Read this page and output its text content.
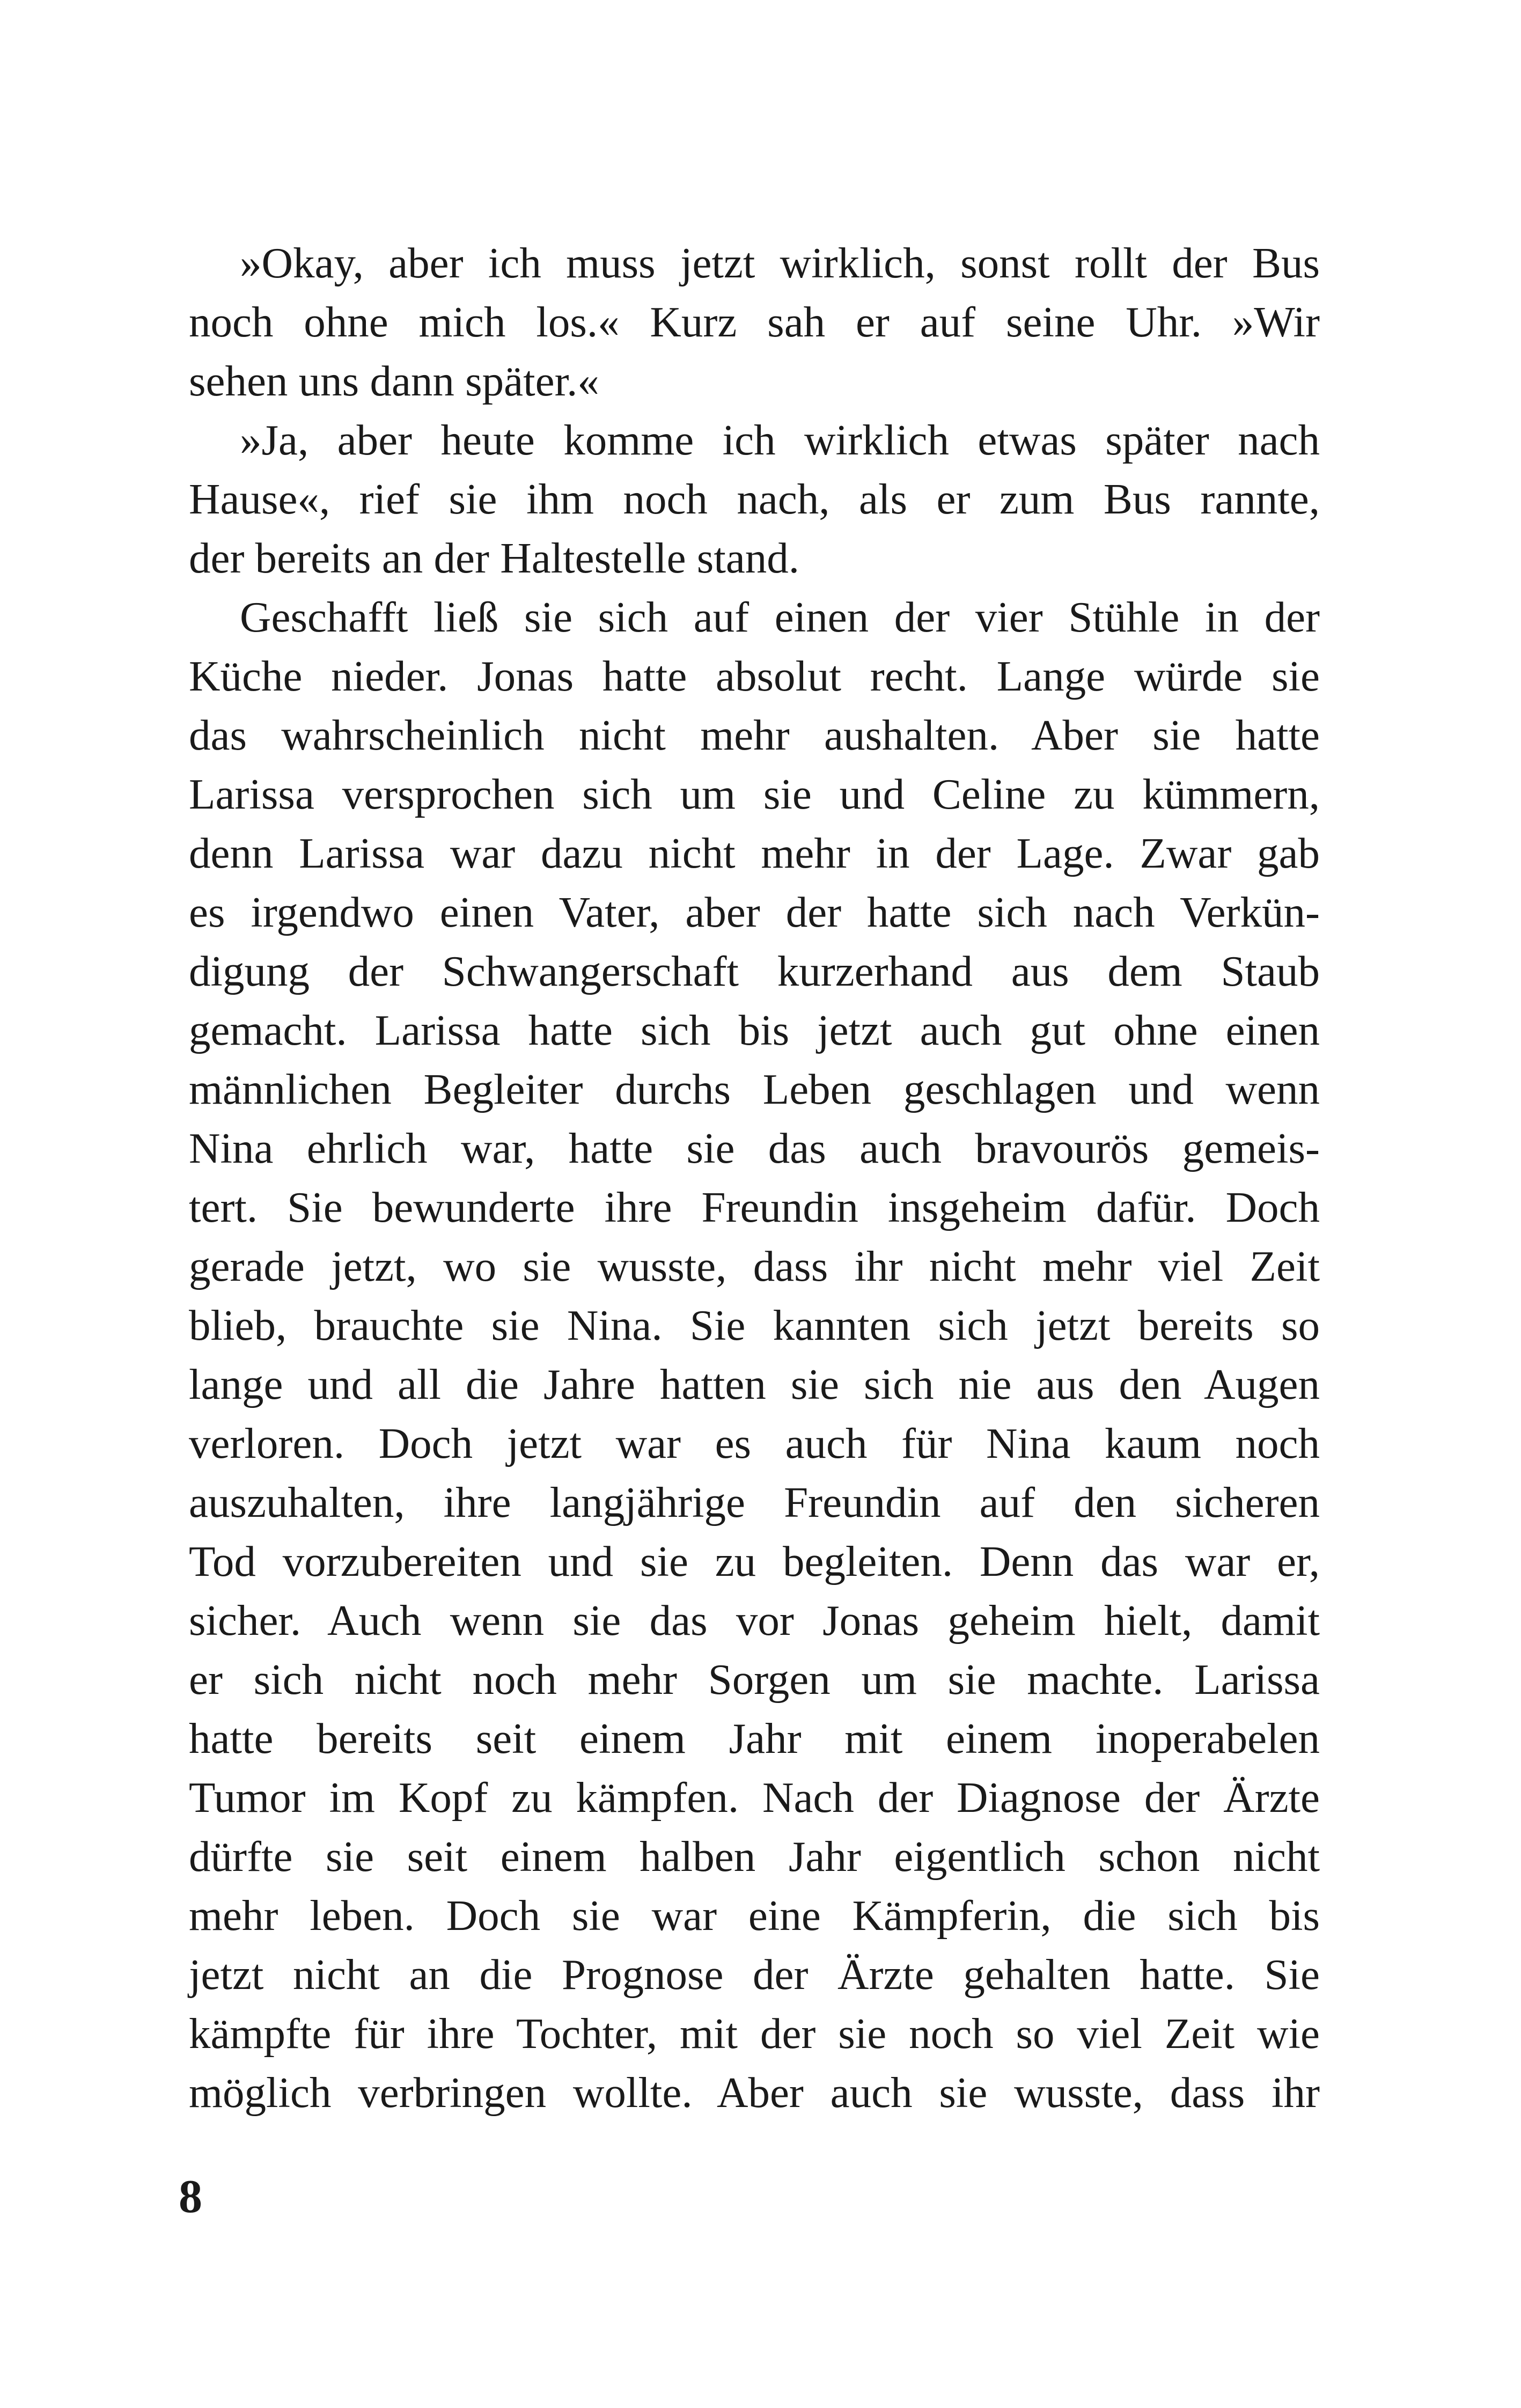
»Okay, aber ich muss jetzt wirklich, sonst rollt der Bus
noch ohne mich los.« Kurz sah er auf seine Uhr. »Wir
sehen uns dann später.«
»Ja, aber heute komme ich wirklich etwas später nach
Hause«, rief sie ihm noch nach, als er zum Bus rannte,
der bereits an der Haltestelle stand.
Geschafft ließ sie sich auf einen der vier Stühle in der
Küche nieder. Jonas hatte absolut recht. Lange würde sie
das wahrscheinlich nicht mehr aushalten. Aber sie hatte
Larissa versprochen sich um sie und Celine zu kümmern,
denn Larissa war dazu nicht mehr in der Lage. Zwar gab
es irgendwo einen Vater, aber der hatte sich nach Verkün-
digung der Schwangerschaft kurzerhand aus dem Staub
gemacht. Larissa hatte sich bis jetzt auch gut ohne einen
männlichen Begleiter durchs Leben geschlagen und wenn
Nina ehrlich war, hatte sie das auch bravourös gemeis-
tert. Sie bewunderte ihre Freundin insgeheim dafür. Doch
gerade jetzt, wo sie wusste, dass ihr nicht mehr viel Zeit
blieb, brauchte sie Nina. Sie kannten sich jetzt bereits so
lange und all die Jahre hatten sie sich nie aus den Augen
verloren. Doch jetzt war es auch für Nina kaum noch
auszuhalten, ihre langjährige Freundin auf den sicheren
Tod vorzubereiten und sie zu begleiten. Denn das war er,
sicher. Auch wenn sie das vor Jonas geheim hielt, damit
er sich nicht noch mehr Sorgen um sie machte. Larissa
hatte bereits seit einem Jahr mit einem inoperabelen
Tumor im Kopf zu kämpfen. Nach der Diagnose der Ärzte
dürfte sie seit einem halben Jahr eigentlich schon nicht
mehr leben. Doch sie war eine Kämpferin, die sich bis
jetzt nicht an die Prognose der Ärzte gehalten hatte. Sie
kämpfte für ihre Tochter, mit der sie noch so viel Zeit wie
möglich verbringen wollte. Aber auch sie wusste, dass ihr
8
